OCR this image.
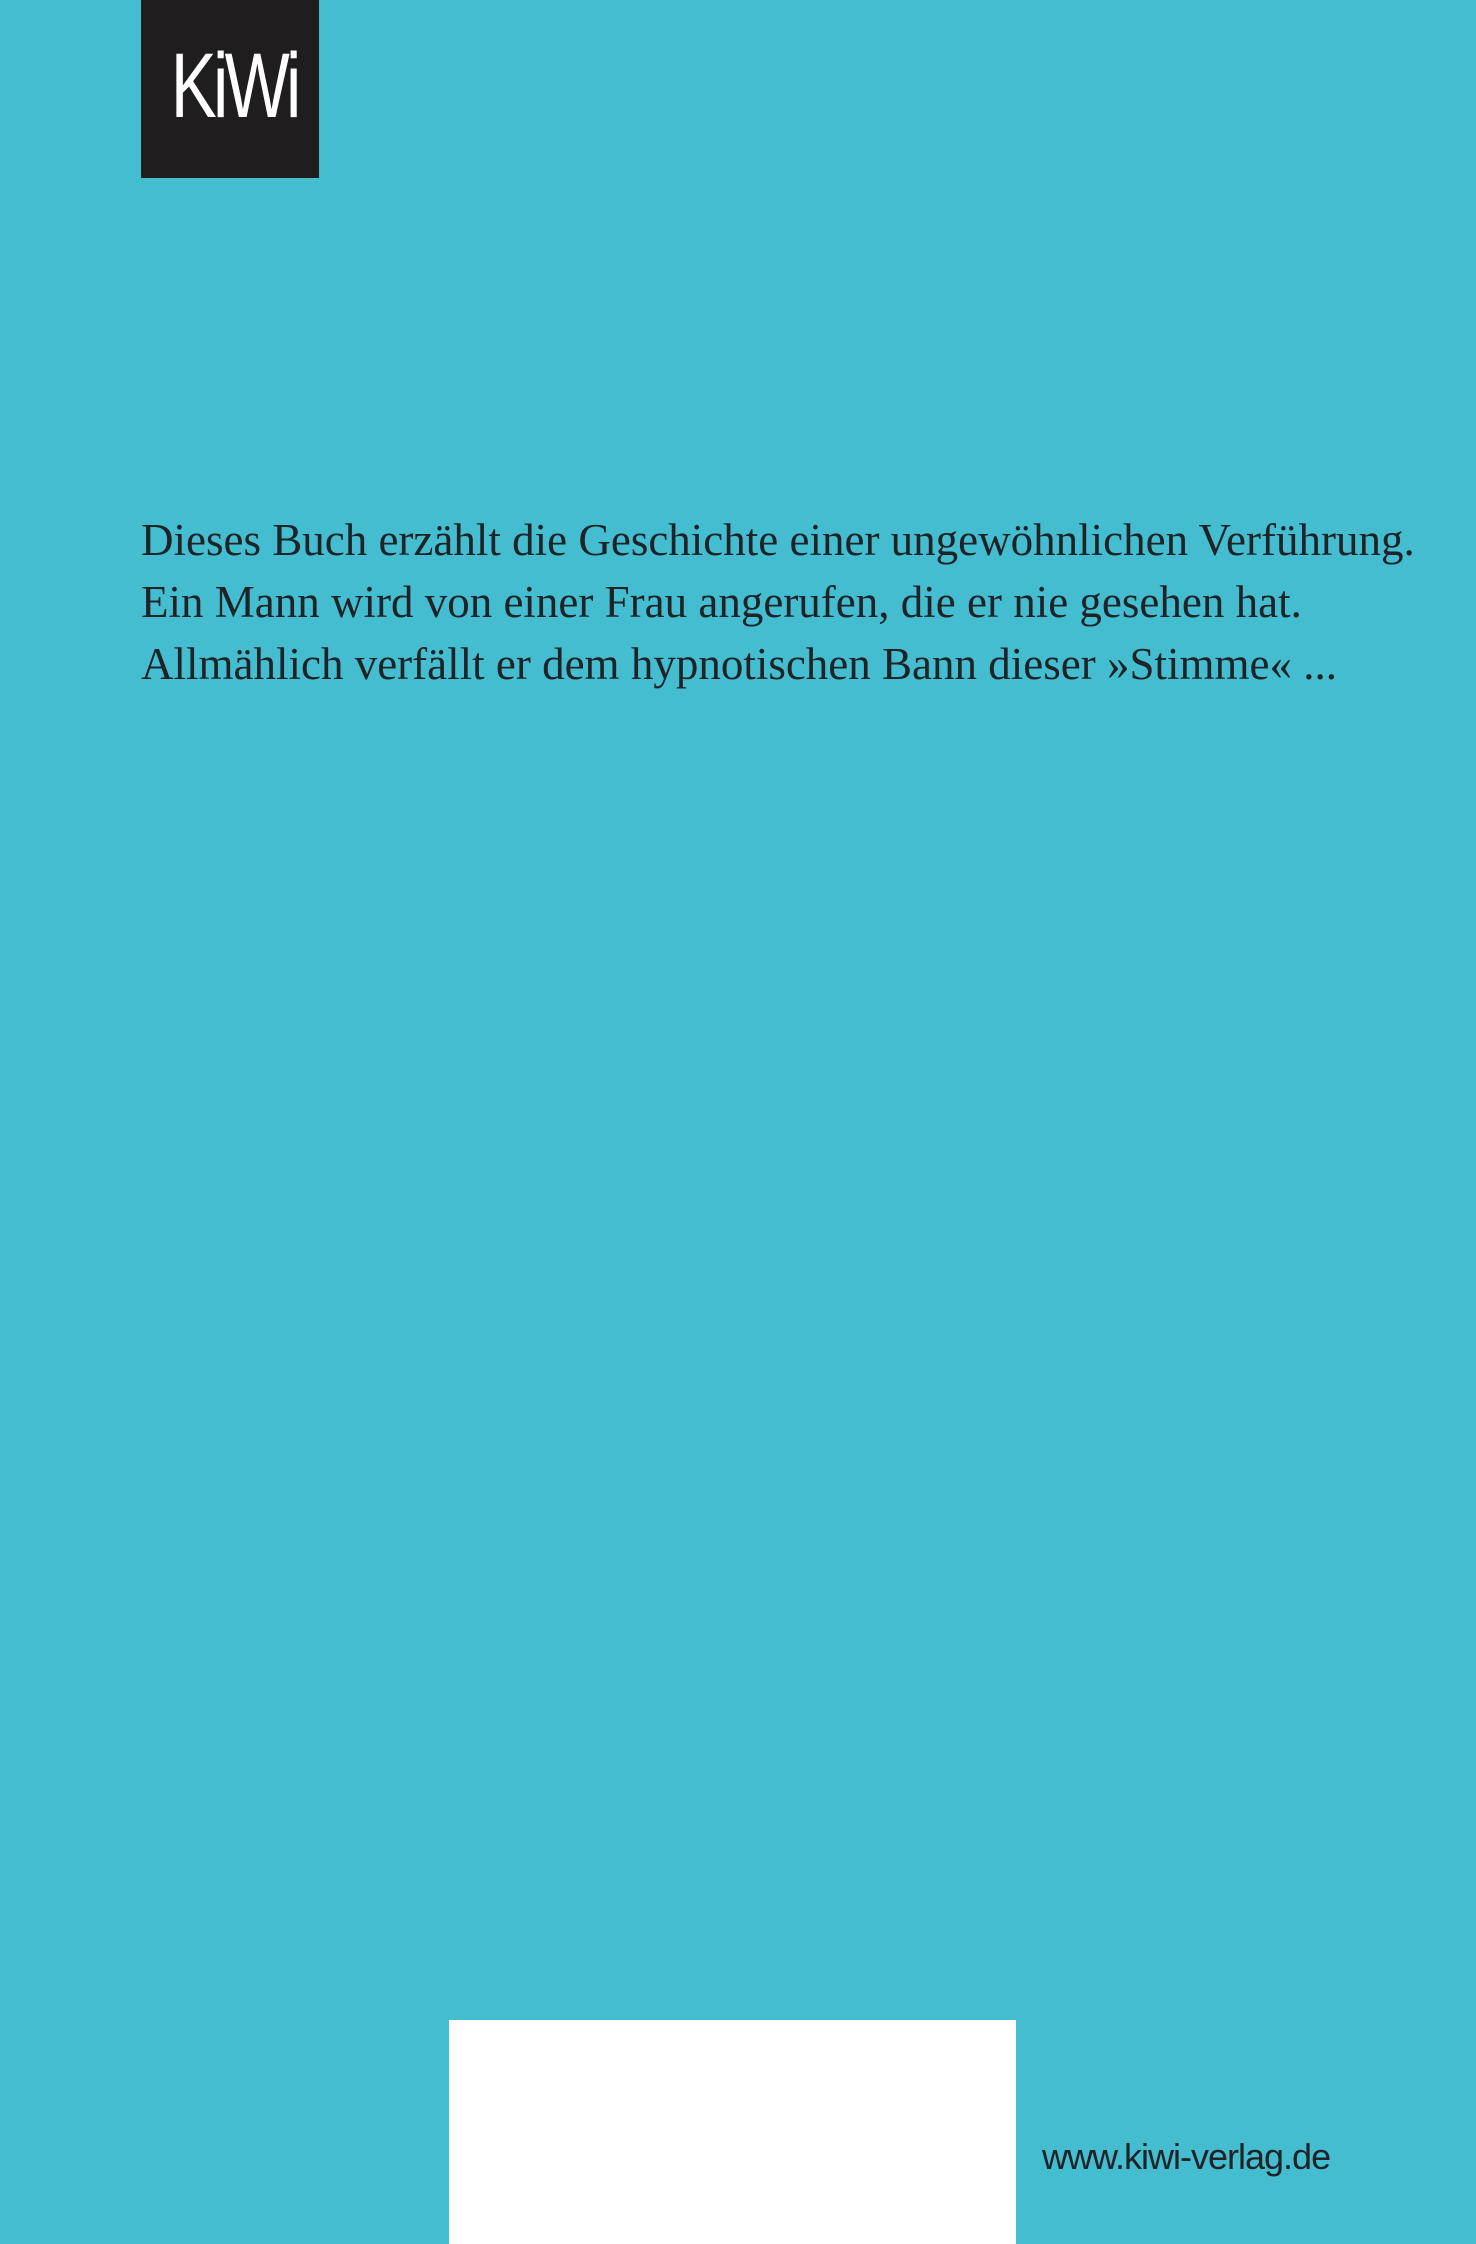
KiWi

Dieses Buch erzählt die Geschichte einer ungewöhnlichen Verführung.
Ein Mann wird von einer Frau angerufen, die er nie gesehen hat.
Allmählich verfällt er dem hypnotischen Bann dieser »Stimme« ...

www.kiwi-verlag.de
